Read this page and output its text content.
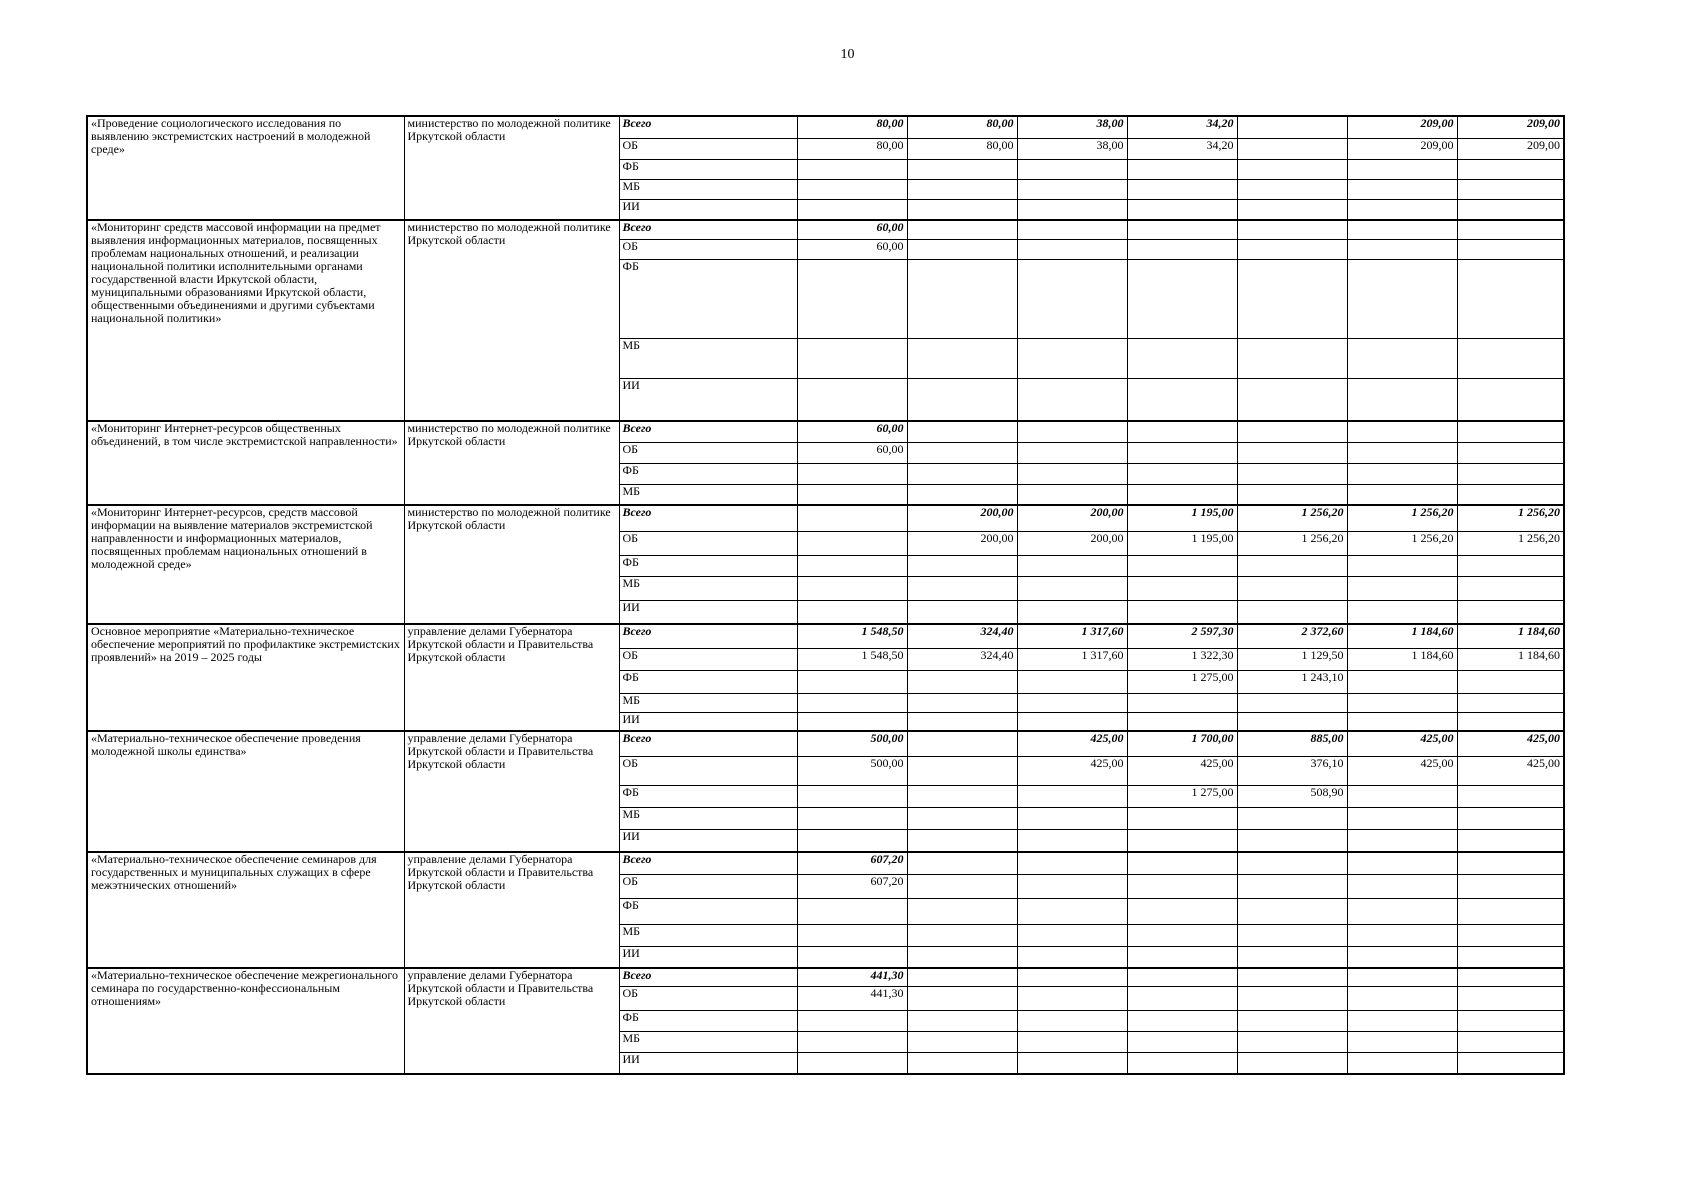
10
«Проведение социологического исследования по выявлению экстремистских настроений в молодежной среде»	министерство по молодежной политике Иркутской области	Всего	80,00	80,00	38,00	34,20		209,00	209,00
		ОБ	80,00	80,00	38,00	34,20		209,00	209,00
		ФБ							
		МБ							
		ИИ							
«Мониторинг средств массовой информации на предмет выявления информационных материалов, посвященных проблемам национальных отношений, и реализации национальной политики исполнительными органами государственной власти Иркутской области, муниципальными образованиями Иркутской области, общественными объединениями и другими субъектами национальной политики»	министерство по молодежной политике Иркутской области	Всего	60,00						
		ОБ	60,00						
		ФБ							
		МБ							
		ИИ							
«Мониторинг Интернет-ресурсов общественных объединений, в том числе экстремистской направленности»	министерство по молодежной политике Иркутской области	Всего	60,00						
		ОБ	60,00						
		ФБ							
		МБ							
«Мониторинг Интернет-ресурсов, средств массовой информации на выявление материалов экстремистской направленности и информационных материалов, посвященных проблемам национальных отношений в молодежной среде»	министерство по молодежной политике Иркутской области	Всего		200,00	200,00	1 195,00	1 256,20	1 256,20	1 256,20
		ОБ		200,00	200,00	1 195,00	1 256,20	1 256,20	1 256,20
		ФБ							
		МБ							
		ИИ							
Основное мероприятие «Материально-техническое обеспечение мероприятий по профилактике экстремистских проявлений» на 2019 – 2025 годы	управление делами Губернатора Иркутской области и Правительства Иркутской области	Всего	1 548,50	324,40	1 317,60	2 597,30	2 372,60	1 184,60	1 184,60
		ОБ	1 548,50	324,40	1 317,60	1 322,30	1 129,50	1 184,60	1 184,60
		ФБ				1 275,00	1 243,10		
		МБ							
		ИИ							
«Материально-техническое обеспечение проведения молодежной школы единства»	управление делами Губернатора Иркутской области и Правительства Иркутской области	Всего	500,00		425,00	1 700,00	885,00	425,00	425,00
		ОБ	500,00		425,00	425,00	376,10	425,00	425,00
		ФБ				1 275,00	508,90		
		МБ							
		ИИ							
«Материально-техническое обеспечение семинаров для государственных и муниципальных служащих в сфере межэтнических отношений»	управление делами Губернатора Иркутской области и Правительства Иркутской области	Всего	607,20						
		ОБ	607,20						
		ФБ							
		МБ							
		ИИ							
«Материально-техническое обеспечение межрегионального семинара по государственно-конфессиональным отношениям»	управление делами Губернатора Иркутской области и Правительства Иркутской области	Всего	441,30						
		ОБ	441,30						
		ФБ							
		МБ							
		ИИ							
